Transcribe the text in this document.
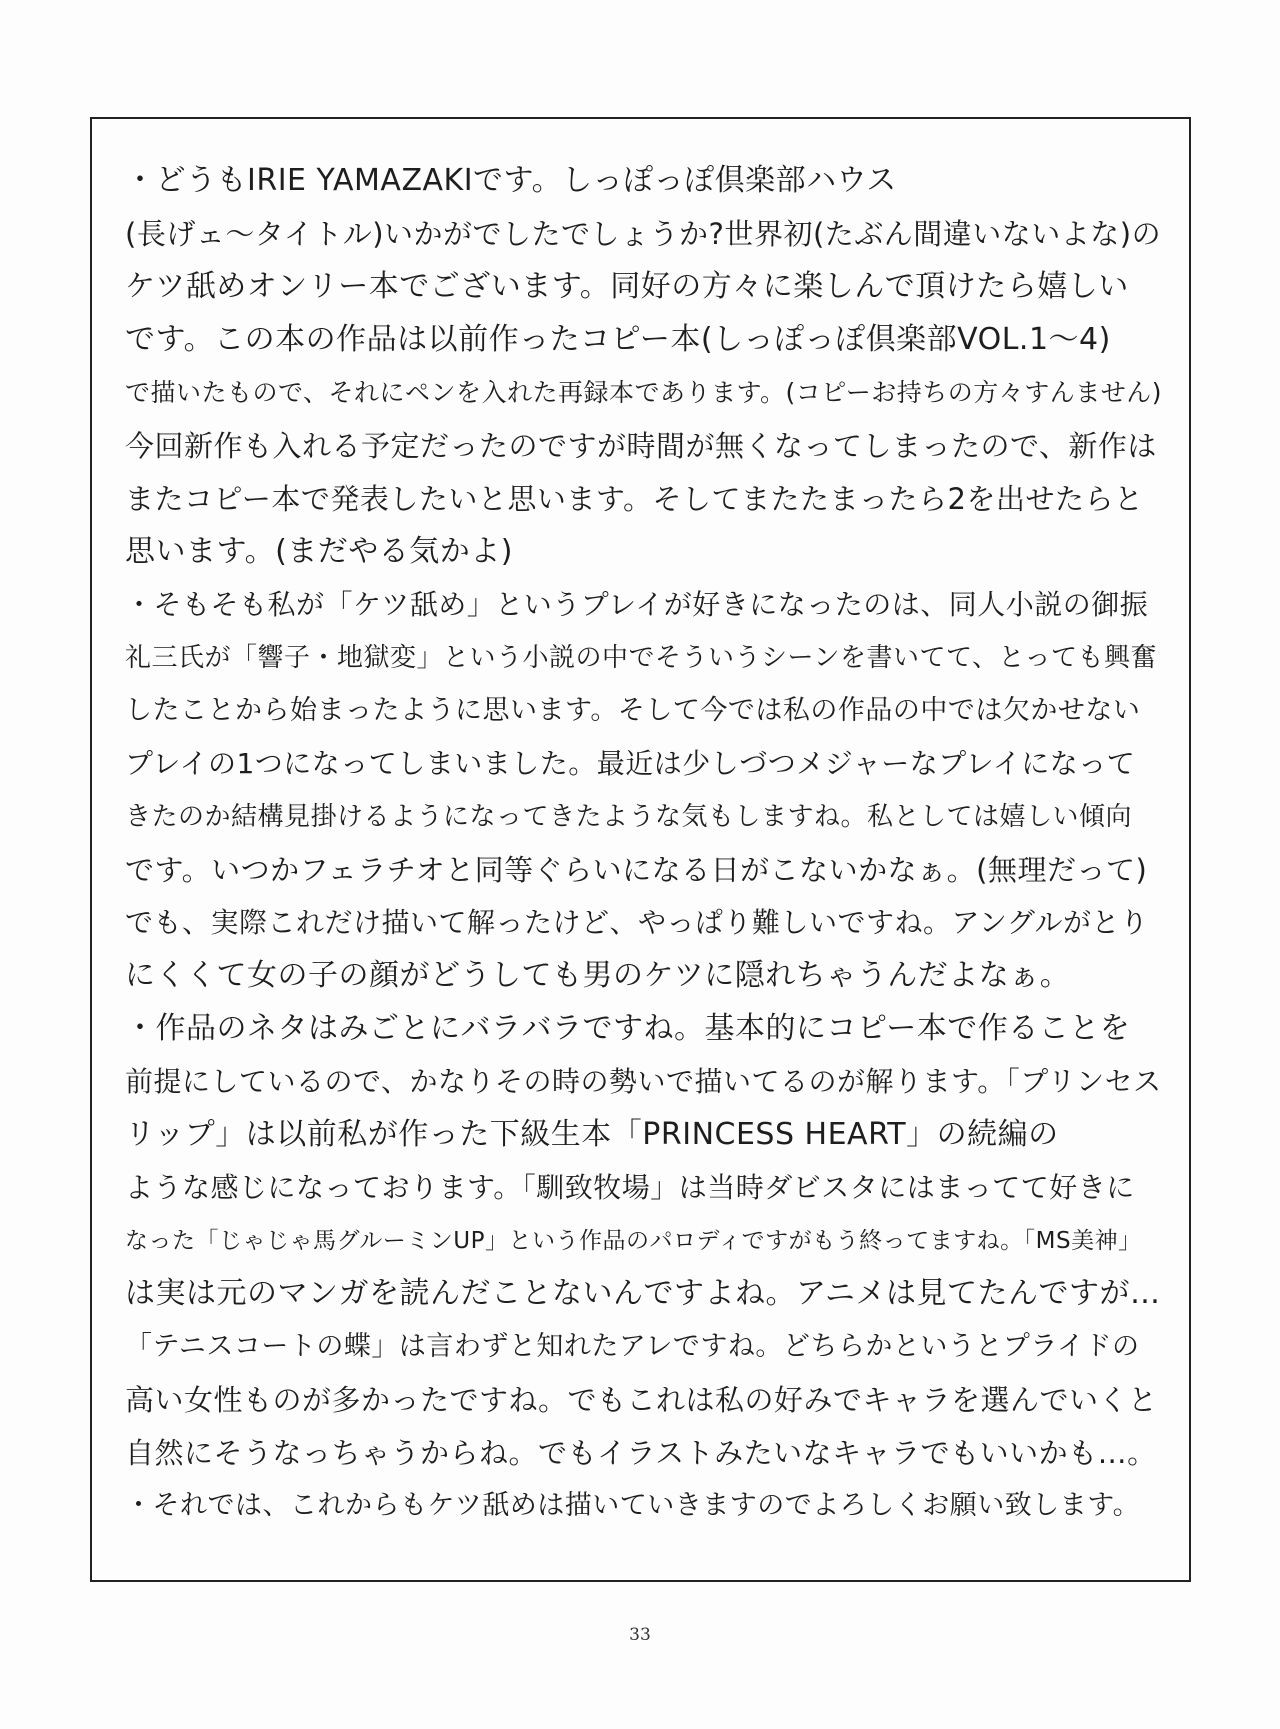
・どうもIRIE YAMAZAKIです。しっぽっぽ倶楽部ハウス
(長げェ〜タイトル)いかがでしたでしょうか?世界初(たぶん間違いないよな)の
ケツ舐めオンリー本でございます。同好の方々に楽しんで頂けたら嬉しい
です。この本の作品は以前作ったコピー本(しっぽっぽ倶楽部VOL.1〜4)
で描いたもので、それにペンを入れた再録本であります。(コピーお持ちの方々すんません)
今回新作も入れる予定だったのですが時間が無くなってしまったので、新作は
またコピー本で発表したいと思います。そしてまたたまったら2を出せたらと
思います。(まだやる気かよ)
・そもそも私が「ケツ舐め」というプレイが好きになったのは、同人小説の御振
礼三氏が「響子・地獄変」という小説の中でそういうシーンを書いてて、とっても興奮
したことから始まったように思います。そして今では私の作品の中では欠かせない
プレイの1つになってしまいました。最近は少しづつメジャーなプレイになって
きたのか結構見掛けるようになってきたような気もしますね。私としては嬉しい傾向
です。いつかフェラチオと同等ぐらいになる日がこないかなぁ。(無理だって)
でも、実際これだけ描いて解ったけど、やっぱり難しいですね。アングルがとり
にくくて女の子の顔がどうしても男のケツに隠れちゃうんだよなぁ。
・作品のネタはみごとにバラバラですね。基本的にコピー本で作ることを
前提にしているので、かなりその時の勢いで描いてるのが解ります。「プリンセス
リップ」は以前私が作った下級生本「PRINCESS HEART」の続編の
ような感じになっております。「馴致牧場」は当時ダビスタにはまってて好きに
なった「じゃじゃ馬グルーミンUP」という作品のパロディですがもう終ってますね。「MS美神」
は実は元のマンガを読んだことないんですよね。アニメは見てたんですが…
「テニスコートの蝶」は言わずと知れたアレですね。どちらかというとプライドの
高い女性ものが多かったですね。でもこれは私の好みでキャラを選んでいくと
自然にそうなっちゃうからね。でもイラストみたいなキャラでもいいかも…。
・それでは、これからもケツ舐めは描いていきますのでよろしくお願い致します。
33
